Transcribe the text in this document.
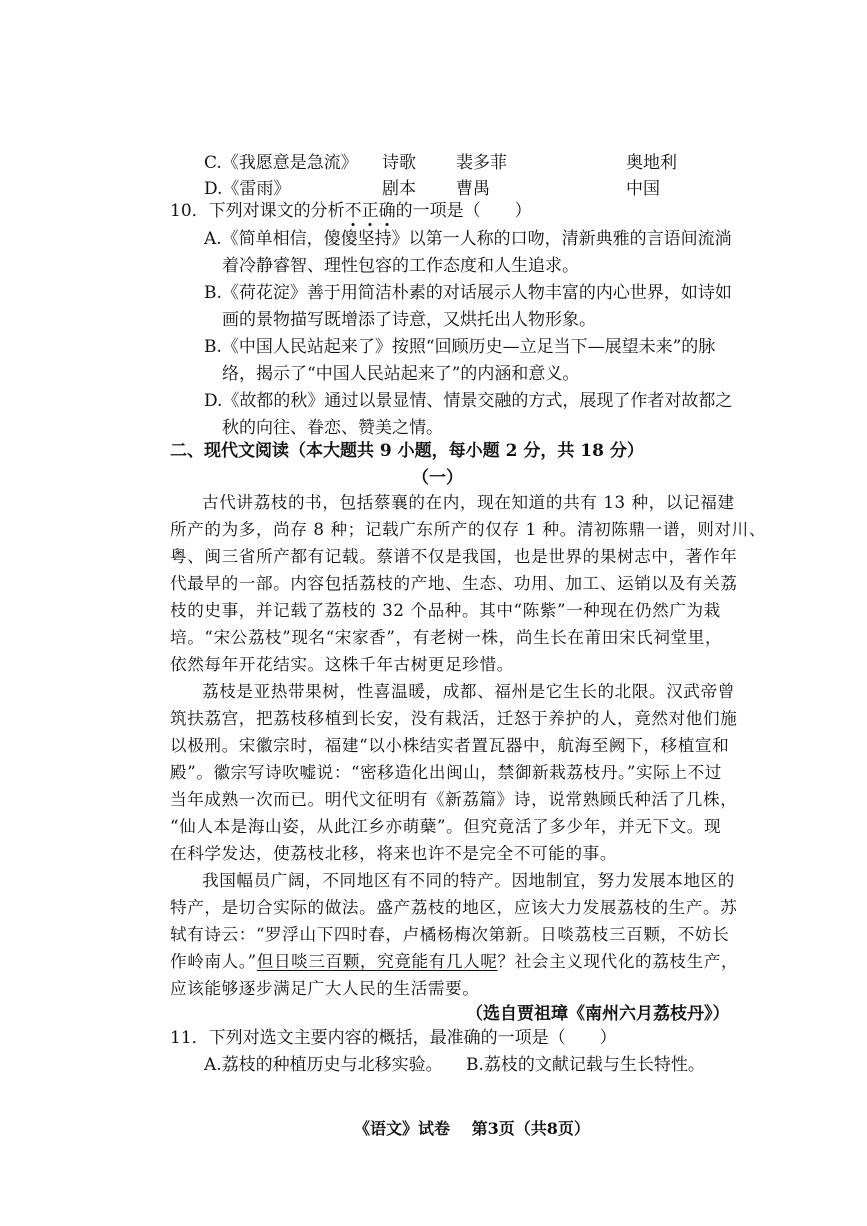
C.《我愿意是急流》 诗歌 裴多菲	奥地利
D.《雷雨》	剧本 曹禺	中国
10．下列对课文的分析不正确的一项是（　　）
A.《简单相信，傻傻坚持》以第一人称的口吻，清新典雅的言语间流淌
着冷静睿智、理性包容的工作态度和人生追求。
B.《荷花淀》善于用简洁朴素的对话展示人物丰富的内心世界，如诗如
画的景物描写既增添了诗意，又烘托出人物形象。
B.《中国人民站起来了》按照“回顾历史—立足当下—展望未来”的脉
络，揭示了“中国人民站起来了”的内涵和意义。
D.《故都的秋》通过以景显情、情景交融的方式，展现了作者对故都之
秋的向往、眷恋、赞美之情。
二、现代文阅读（本大题共 9 小题，每小题 2 分，共 18 分）
（一）
古代讲荔枝的书，包括蔡襄的在内，现在知道的共有 13 种，以记福建
所产的为多，尚存 8 种；记载广东所产的仅存 1 种。清初陈鼎一谱，则对川、
粤、闽三省所产都有记载。蔡谱不仅是我国，也是世界的果树志中，著作年
代最早的一部。内容包括荔枝的产地、生态、功用、加工、运销以及有关荔
枝的史事，并记载了荔枝的 32 个品种。其中“陈紫”一种现在仍然广为栽
培。“宋公荔枝”现名“宋家香”，有老树一株，尚生长在莆田宋氏祠堂里，
依然每年开花结实。这株千年古树更足珍惜。
荔枝是亚热带果树，性喜温暖，成都、福州是它生长的北限。汉武帝曾
筑扶荔宫，把荔枝移植到长安，没有栽活，迁怒于养护的人，竟然对他们施
以极刑。宋徽宗时，福建“以小株结实者置瓦器中，航海至阙下，移植宣和
殿”。徽宗写诗吹嘘说：“密移造化出闽山，禁御新栽荔枝丹。”实际上不过
当年成熟一次而已。明代文征明有《新荔篇》诗，说常熟顾氏种活了几株，
“仙人本是海山姿，从此江乡亦萌蘖”。但究竟活了多少年，并无下文。现
在科学发达，使荔枝北移，将来也许不是完全不可能的事。
我国幅员广阔，不同地区有不同的特产。因地制宜，努力发展本地区的
特产，是切合实际的做法。盛产荔枝的地区，应该大力发展荔枝的生产。苏
轼有诗云：“罗浮山下四时春，卢橘杨梅次第新。日啖荔枝三百颗，不妨长
作岭南人。”但日啖三百颗，究竟能有几人呢？社会主义现代化的荔枝生产，
应该能够逐步满足广大人民的生活需要。
（选自贾祖璋《南州六月荔枝丹》）
11．下列对选文主要内容的概括，最准确的一项是（　　）
A.荔枝的种植历史与北移实验。 B.荔枝的文献记载与生长特性。
《语文》试卷　 第3页（共8页）
